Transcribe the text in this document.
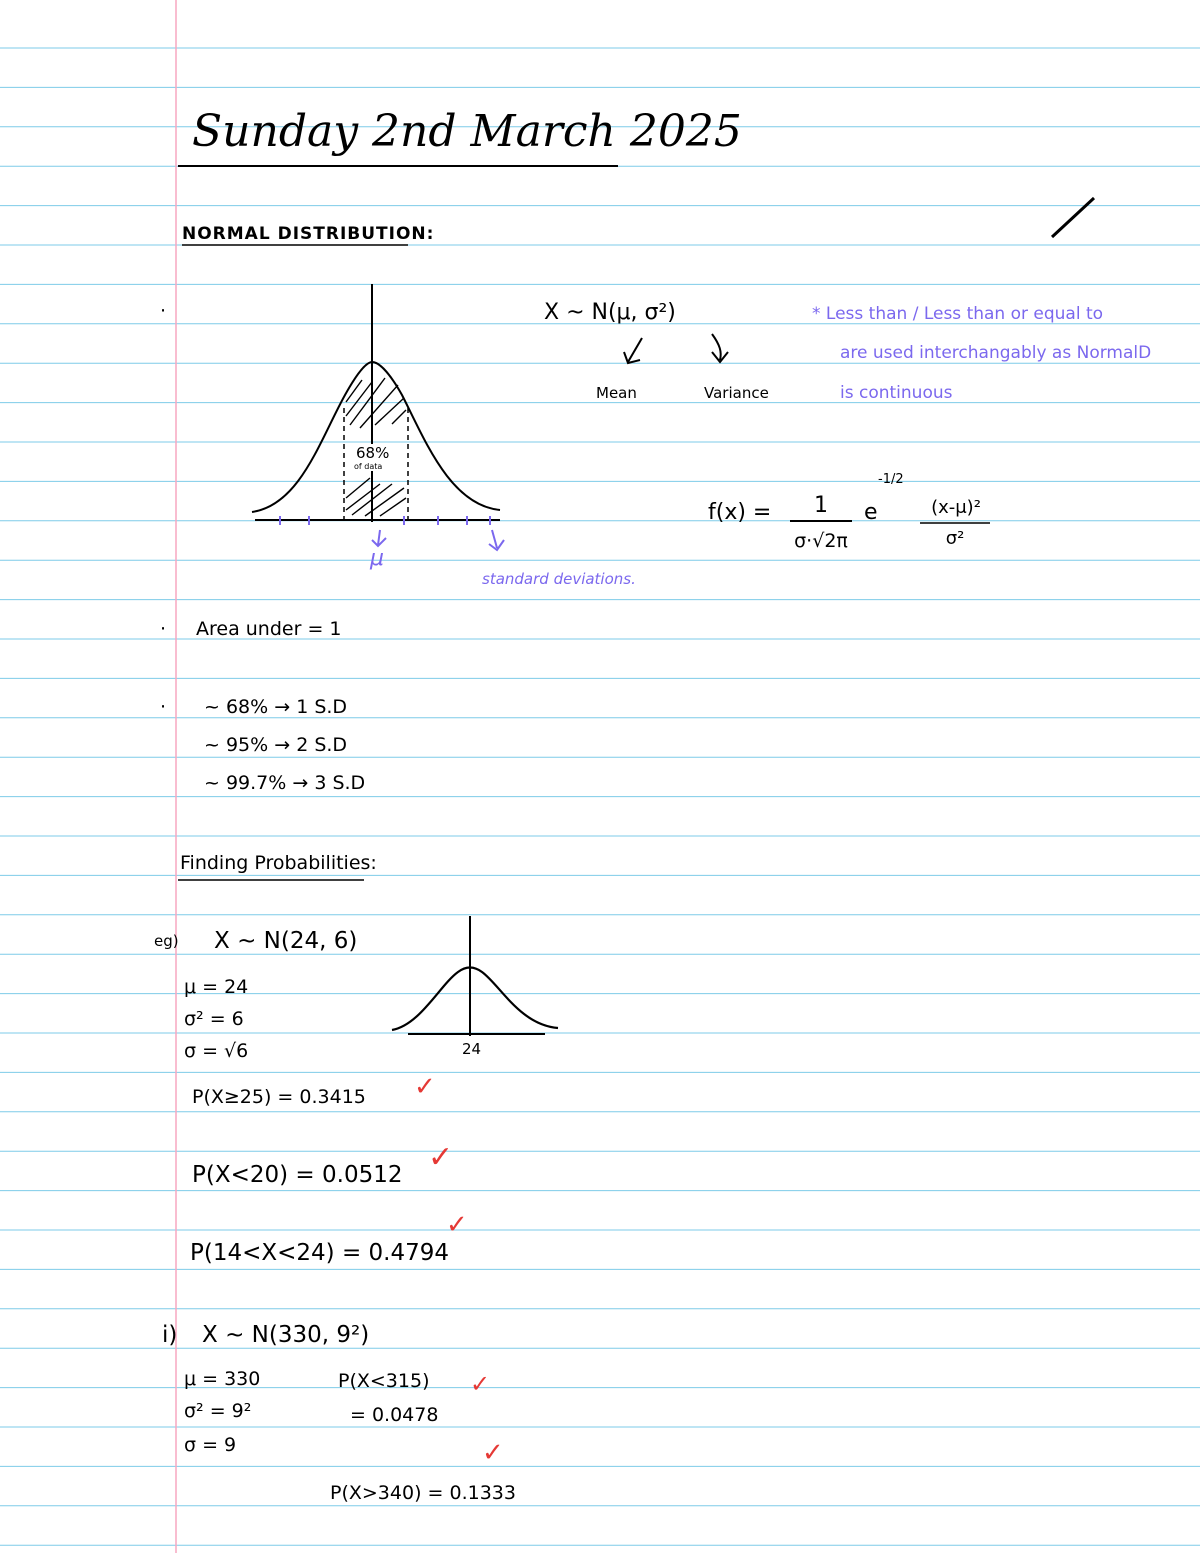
Sunday 2nd March 2025
NORMAL DISTRIBUTION:
·	X ~ N(μ, σ²)
Mean	Variance
* Less than / Less than or equal to
are used interchangably as NormalD
is continuous
68%
of data
μ
standard deviations.
f(x) =	1
σ·√2π
e
-1/2
(x-μ)²
σ²
· Area under = 1
· ~ 68% → 1 S.D
~ 95% → 2 S.D
~ 99.7% → 3 S.D
Finding Probabilities:
eg) X ~ N(24, 6)
μ = 24
σ² = 6
σ = √6	24
P(X≥25) = 0.3415 ✓
P(X<20) = 0.0512 ✓
P(14<X<24) = 0.4794
✓
i) X ~ N(330, 9²)
μ = 330
σ² = 9²
σ = 9
P(X<315) ✓
= 0.0478
✓
P(X>340) = 0.1333
